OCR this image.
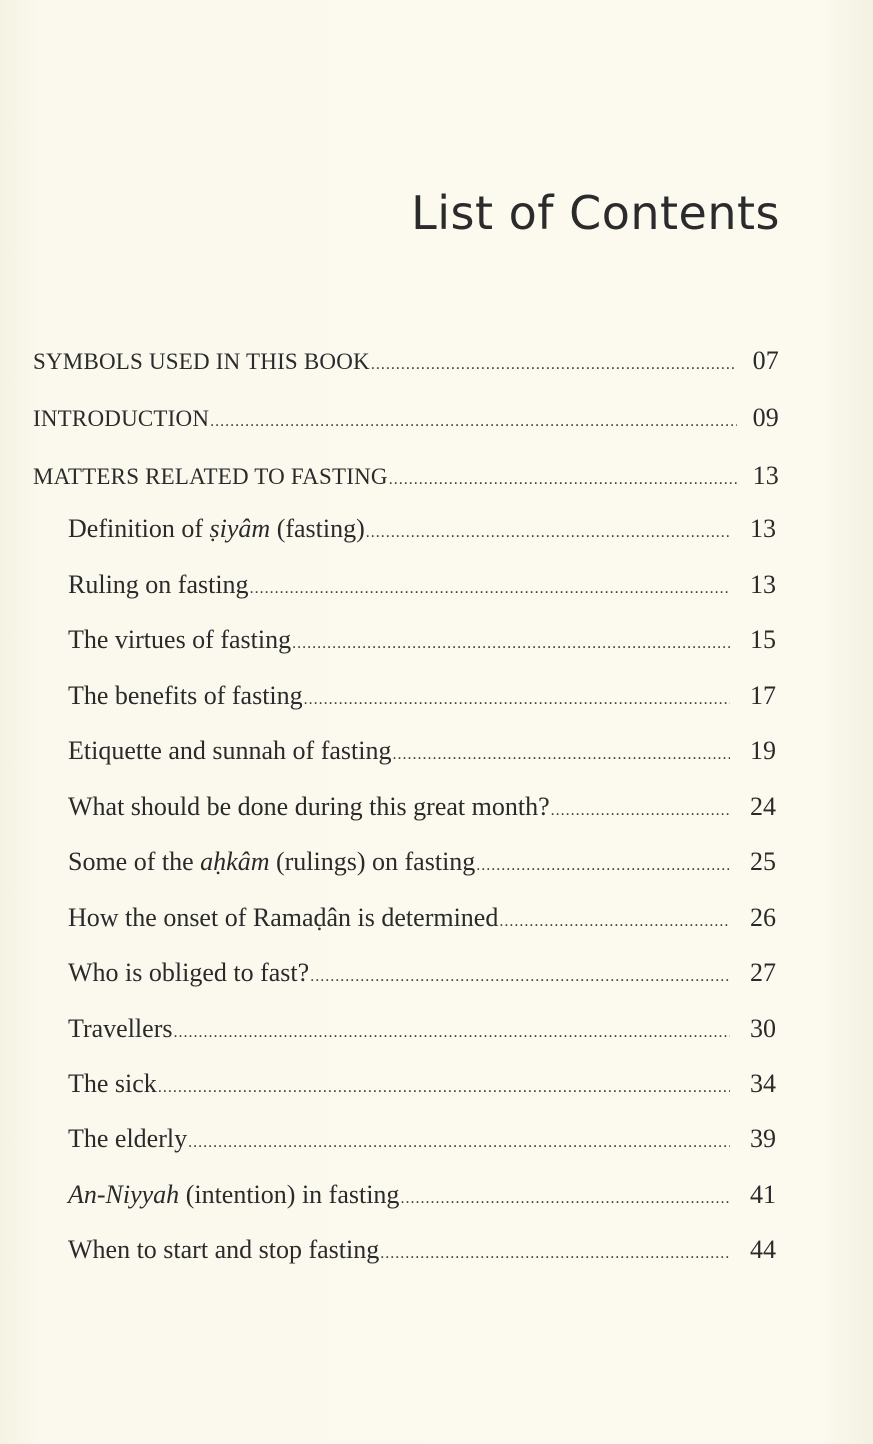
List of Contents
SYMBOLS USED IN THIS BOOK .....	07
INTRODUCTION .....	09
MATTERS RELATED TO FASTING .....	13
Definition of ṣiyâm (fasting) .....	13
Ruling on fasting .....	13
The virtues of fasting .....	15
The benefits of fasting .....	17
Etiquette and sunnah of fasting .....	19
What should be done during this great month? .....	24
Some of the aḥkâm (rulings) on fasting .....	25
How the onset of Ramaḍân is determined .....	26
Who is obliged to fast? .....	27
Travellers .....	30
The sick .....	34
The elderly .....	39
An-Niyyah (intention) in fasting .....	41
When to start and stop fasting .....	44
